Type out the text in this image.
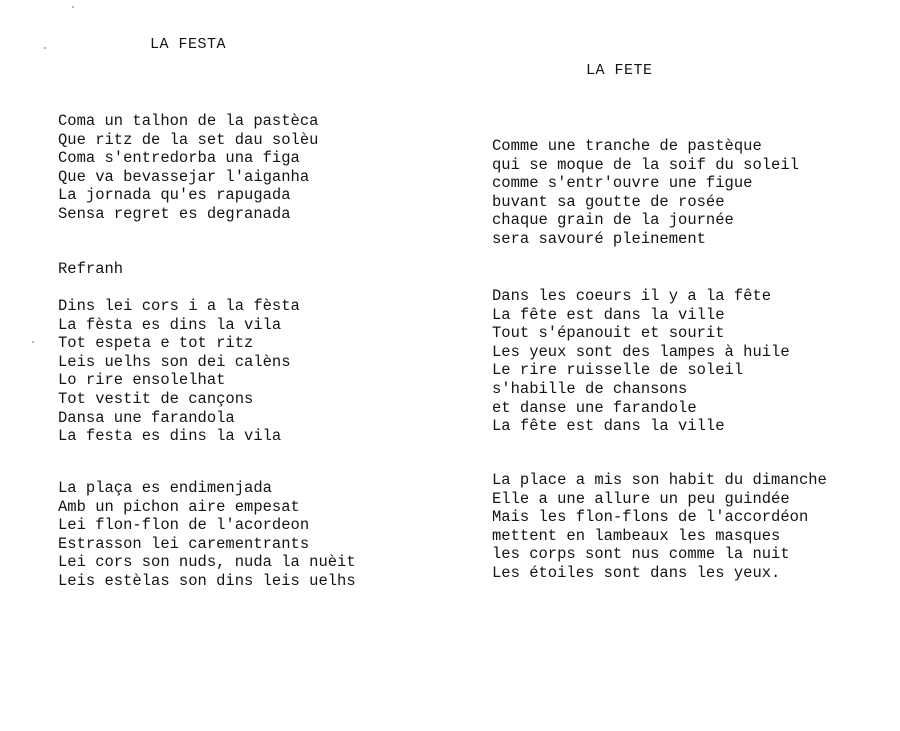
LA FESTA
Coma un talhon de la pastèca
Que ritz de la set dau solèu
Coma s'entredorba una figa
Que va bevassejar l'aiganha
La jornada qu'es rapugada
Sensa regret es degranada
Refranh
Dins lei cors i a la fèsta
La fèsta es dins la vila
Tot espeta e tot ritz
Leis uelhs son dei calèns
Lo rire ensolelhat
Tot vestit de cançons
Dansa une farandola
La festa es dins la vila
La plaça es endimenjada
Amb un pichon aire empesat
Lei flon-flon de l'acordeon
Estrasson lei carementrants
Lei cors son nuds, nuda la nuèit
Leis estèlas son dins leis uelhs
LA FETE
Comme une tranche de pastèque
qui se moque de la soif du soleil
comme s'entr'ouvre une figue
buvant sa goutte de rosée
chaque grain de la journée
sera savouré pleinement
Dans les coeurs il y a la fête
La fête est dans la ville
Tout s'épanouit et sourit
Les yeux sont des lampes à huile
Le rire ruisselle de soleil
s'habille de chansons
et danse une farandole
La fête est dans la ville
La place a mis son habit du dimanche
Elle a une allure un peu guindée
Mais les flon-flons de l'accordéon
mettent en lambeaux les masques
les corps sont nus comme la nuit
Les étoiles sont dans les yeux.
